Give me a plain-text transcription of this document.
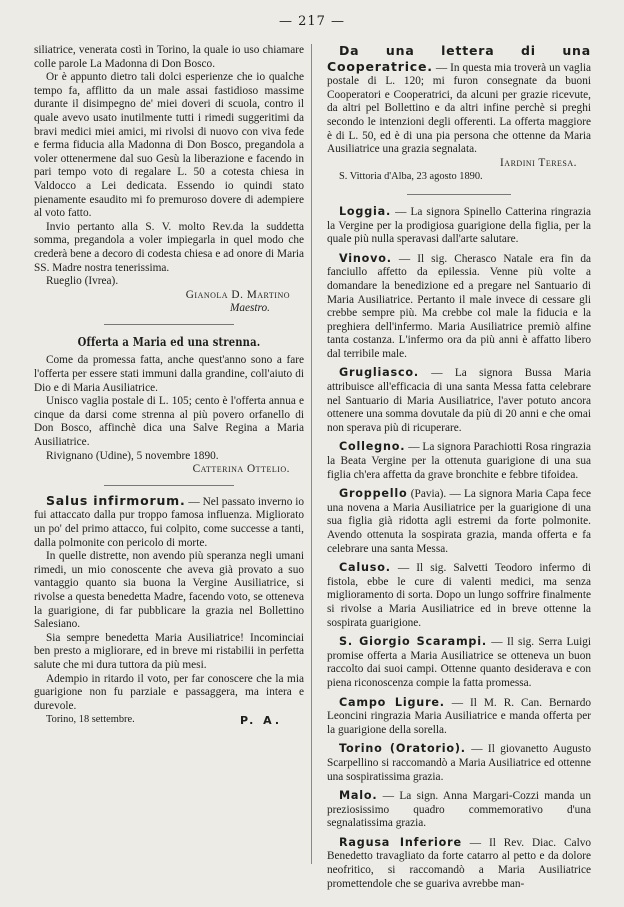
— 217 —

siliatrice, venerata costì in Torino, la quale io uso chiamare colle parole La Madonna di Don Bosco.

Or è appunto dietro tali dolci esperienze che io qualche tempo fa, afflitto da un male assai fastidioso massime durante il disimpegno de' miei doveri di scuola, contro il quale avevo usato inutilmente tutti i rimedi suggeritimi da bravi medici miei amici, mi rivolsi di nuovo con viva fede e ferma fiducia alla Madonna di Don Bosco, pregandola a voler ottenermene dal suo Gesù la liberazione e facendo in pari tempo voto di regalare L. 50 a cotesta chiesa in Valdocco a Lei dedicata. Essendo io quindi stato pienamente esaudito mi fo premuroso dovere di adempiere al voto fatto.

Invio pertanto alla S. V. molto Rev.da la suddetta somma, pregandola a voler impiegarla in quel modo che crederà bene a decoro di codesta chiesa e ad onore di Maria SS. Madre nostra tenerissima.

Rueglio (Ivrea).
Gianola D. Martino
Maestro.
Offerta a Maria ed una strenna.

Come da promessa fatta, anche quest'anno sono a fare l'offerta per essere stati immuni dalla grandine, coll'aiuto di Dio e di Maria Ausiliatrice.

Unisco vaglia postale di L. 105; cento è l'offerta annua e cinque da darsi come strenna al più povero orfanello di Don Bosco, affinchè dica una Salve Regina a Maria Ausiliatrice.

Rivignano (Udine), 5 novembre 1890.
Catterina Ottelio.

Salus infirmorum. — Nel passato inverno io fui attaccato dalla pur troppo famosa influenza. Migliorato un po' del primo attacco, fui colpito, come successe a tanti, dalla polmonite con pericolo di morte.

In quelle distrette, non avendo più speranza negli umani rimedi, un mio conoscente che aveva già provato a suo vantaggio quanto sia buona la Vergine Ausiliatrice, si rivolse a questa benedetta Madre, facendo voto, se otteneva la guarigione, di far pubblicare la grazia nel Bollettino Salesiano.

Sia sempre benedetta Maria Ausiliatrice! Incominciai ben presto a migliorare, ed in breve mi ristabilii in perfetta salute che mi dura tuttora da più mesi.

Adempio in ritardo il voto, per far conoscere che la mia guarigione non fu parziale e passaggera, ma intera e durevole.

Torino, 18 settembre.	P. A.

Da una lettera di una Cooperatrice. — In questa mia troverà un vaglia postale di L. 120; mi furon consegnate da buoni Cooperatori e Cooperatrici, da alcuni per grazie ricevute, da altri pel Bollettino e da altri infine perchè si preghi secondo le intenzioni degli offerenti. La offerta maggiore è di L. 50, ed è di una pia persona che ottenne da Maria Ausiliatrice una grazia segnalata.

Iardini Teresa.
S. Vittoria d'Alba, 23 agosto 1890.

Loggia. — La signora Spinello Catterina ringrazia la Vergine per la prodigiosa guarigione della figlia, per la quale più nulla speravasi dall'arte salutare.

Vinovo. — Il sig. Cherasco Natale era fin da fanciullo affetto da epilessia. Venne più volte a domandare la benedizione ed a pregare nel Santuario di Maria Ausiliatrice. Pertanto il male invece di cessare gli crebbe sempre più. Ma crebbe col male la fiducia e la preghiera dell'infermo. Maria Ausiliatrice premiò alfine tanta costanza. L'infermo ora da più anni è affatto libero dal terribile male.

Grugliasco. — La signora Bussa Maria attribuisce all'efficacia di una santa Messa fatta celebrare nel Santuario di Maria Ausiliatrice, l'aver potuto ancora ottenere una somma dovutale da più di 20 anni e che omai non sperava più di ricuperare.

Collegno. — La signora Parachiotti Rosa ringrazia la Beata Vergine per la ottenuta guarigione di una sua figlia ch'era affetta da grave bronchite e febbre tifoidea.

Groppello (Pavia). — La signora Maria Capa fece una novena a Maria Ausiliatrice per la guarigione di una sua figlia già ridotta agli estremi da forte polmonite. Avendo ottenuta la sospirata grazia, manda offerta e fa celebrare una santa Messa.

Caluso. — Il sig. Salvetti Teodoro infermo di fistola, ebbe le cure di valenti medici, ma senza miglioramento di sorta. Dopo un lungo soffrire finalmente si rivolse a Maria Ausiliatrice ed in breve ottenne la sospirata guarigione.

S. Giorgio Scarampi. — Il sig. Serra Luigi promise offerta a Maria Ausiliatrice se otteneva un buon raccolto dai suoi campi. Ottenne quanto desiderava e con piena riconoscenza compie la fatta promessa.

Campo Ligure. — Il M. R. Can. Bernardo Leoncini ringrazia Maria Ausiliatrice e manda offerta per la guarigione della sorella.

Torino (Oratorio). — Il giovanetto Augusto Scarpellino si raccomandò a Maria Ausiliatrice ed ottenne una sospiratissima grazia.

Malo. — La sign. Anna Margari-Cozzi manda un preziosissimo quadro commemorativo d'una segnalatissima grazia.

Ragusa Inferiore — Il Rev. Diac. Calvo Benedetto travagliato da forte catarro al petto e da dolore neofritico, si raccomandò a Maria Ausiliatrice promettendole che se guariva avrebbe man-
